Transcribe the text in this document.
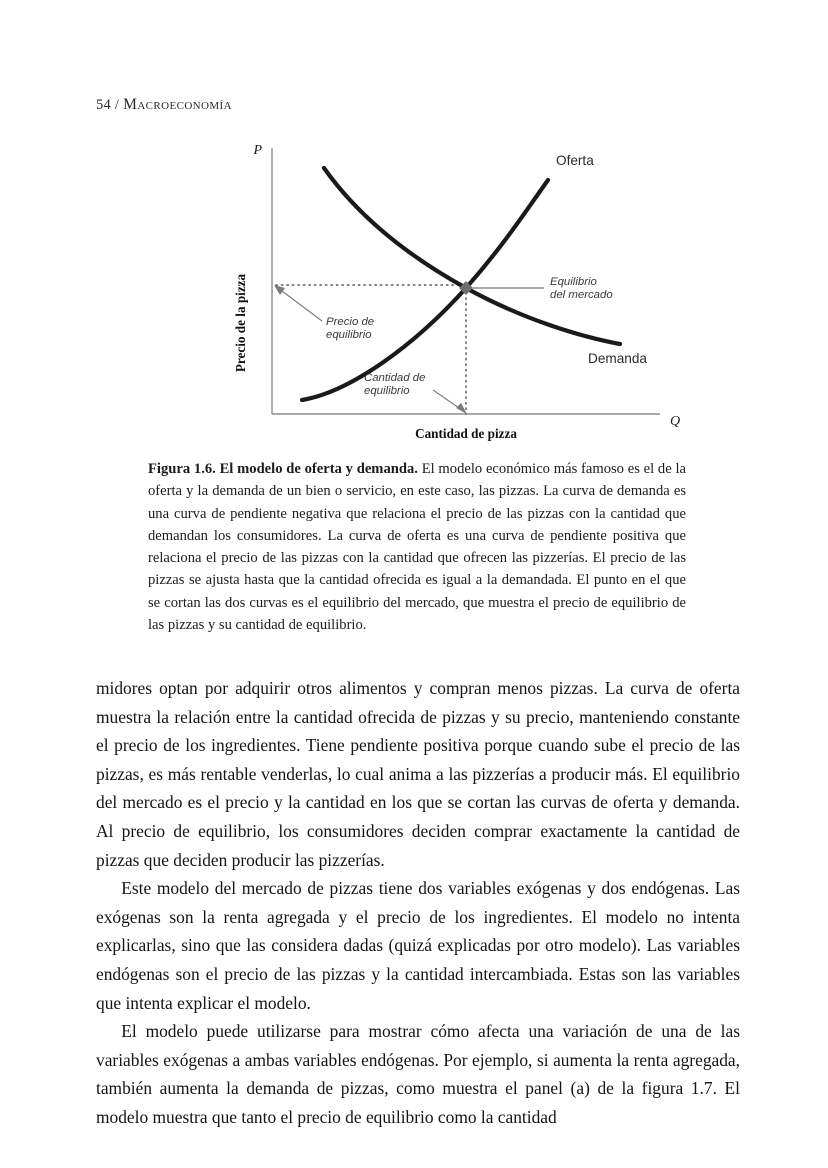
54 / Macroeconomía
P
Q
Precio de la pizza
Cantidad de pizza
Oferta
Demanda
Equilibrio
del mercado
Precio de
equilibrio
Cantidad de
equilibrio
Figura 1.6. El modelo de oferta y demanda. El modelo económico más famoso es el de la oferta y la demanda de un bien o servicio, en este caso, las pizzas. La curva de demanda es una curva de pendiente negativa que relaciona el precio de las pizzas con la cantidad que demandan los consumidores. La curva de oferta es una curva de pendiente positiva que relaciona el precio de las pizzas con la cantidad que ofrecen las pizzerías. El precio de las pizzas se ajusta hasta que la cantidad ofrecida es igual a la demandada. El punto en el que se cortan las dos curvas es el equilibrio del mercado, que muestra el precio de equilibrio de las pizzas y su cantidad de equilibrio.

midores optan por adquirir otros alimentos y compran menos pizzas. La curva de oferta muestra la relación entre la cantidad ofrecida de pizzas y su precio, manteniendo constante el precio de los ingredientes. Tiene pendiente positiva porque cuando sube el precio de las pizzas, es más rentable venderlas, lo cual anima a las pizzerías a producir más. El equilibrio del mercado es el precio y la cantidad en los que se cortan las curvas de oferta y demanda. Al precio de equilibrio, los consumidores deciden comprar exactamente la cantidad de pizzas que deciden producir las pizzerías.

Este modelo del mercado de pizzas tiene dos variables exógenas y dos endógenas. Las exógenas son la renta agregada y el precio de los ingredientes. El modelo no intenta explicarlas, sino que las considera dadas (quizá explicadas por otro modelo). Las variables endógenas son el precio de las pizzas y la cantidad intercambiada. Estas son las variables que intenta explicar el modelo.

El modelo puede utilizarse para mostrar cómo afecta una variación de una de las variables exógenas a ambas variables endógenas. Por ejemplo, si aumenta la renta agregada, también aumenta la demanda de pizzas, como muestra el panel (a) de la figura 1.7. El modelo muestra que tanto el precio de equilibrio como la cantidad
